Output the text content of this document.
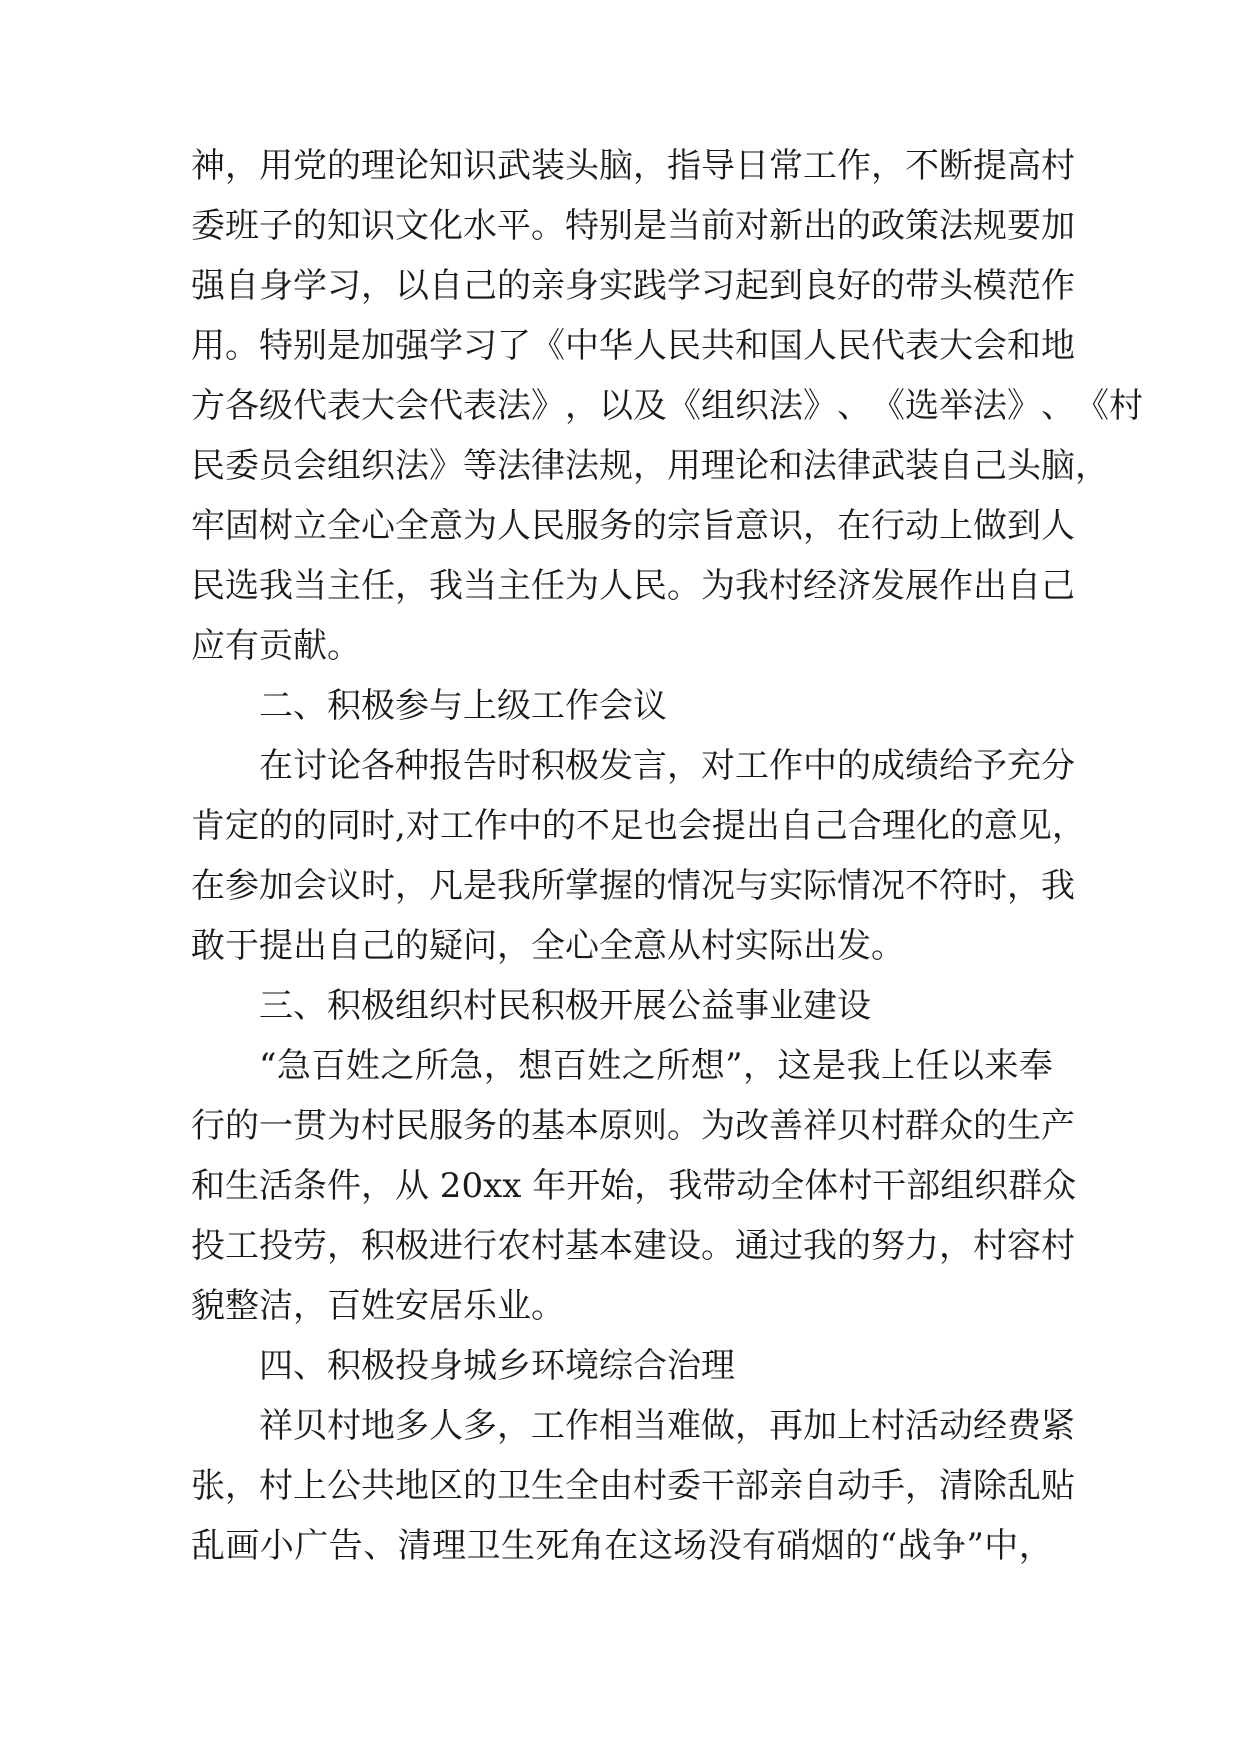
神 ， 用 党 的 理 论 知 识 武 装 头 脑 ， 指 导 日 常 工 作 ， 不 断 提 高 村
委 班 子 的 知 识 文 化 水 平 。 特 别 是 当 前 对 新 出 的 政 策 法 规 要 加
强 自 身 学 习 ， 以 自 己 的 亲 身 实 践 学 习 起 到 良 好 的 带 头 模 范 作
用 。 特 别 是 加 强 学 习 了 《 中 华 人 民 共 和 国 人 民 代 表 大 会 和 地
方 各 级 代 表 大 会 代 表 法 》 ， 以 及 《 组 织 法 》 、 《 选 举 法 》 、 《 村
民 委 员 会 组 织 法 》 等 法 律 法 规 ， 用 理 论 和 法 律 武 装 自 己 头 脑 ，
牢 固 树 立 全 心 全 意 为 人 民 服 务 的 宗 旨 意 识 ， 在 行 动 上 做 到 人
民 选 我 当 主 任 ， 我 当 主 任 为 人 民 。 为 我 村 经 济 发 展 作 出 自 己
应有贡献。
二、积极参与上级工作会议
在 讨 论 各 种 报 告 时 积 极 发 言 ， 对 工 作 中 的 成 绩 给 予 充 分
肯 定 的 的 同 时 , 对 工 作 中 的 不 足 也 会 提 出 自 己 合 理 化 的 意 见 ，
在 参 加 会 议 时 ， 凡 是 我 所 掌 握 的 情 况 与 实 际 情 况 不 符 时 ， 我
敢于提出自己的疑问，全心全意从村实际出发。
三、积极组织村民积极开展公益事业建设
“ 急 百 姓 之 所 急 ， 想 百 姓 之 所 想 ” ， 这 是 我 上 任 以 来 奉
行 的 一 贯 为 村 民 服 务 的 基 本 原 则 。 为 改 善 祥 贝 村 群 众 的 生 产
和 生 活 条 件 ， 从 20xx 年 开 始 ， 我 带 动 全 体 村 干 部 组 织 群 众
投 工 投 劳 ， 积 极 进 行 农 村 基 本 建 设 。 通 过 我 的 努 力 ， 村 容 村
貌整洁，百姓安居乐业。
四、积极投身城乡环境综合治理
祥 贝 村 地 多 人 多 ， 工 作 相 当 难 做 ， 再 加 上 村 活 动 经 费 紧
张 ， 村 上 公 共 地 区 的 卫 生 全 由 村 委 干 部 亲 自 动 手 ， 清 除 乱 贴
乱 画 小 广 告 、 清 理 卫 生 死 角 在 这 场 没 有 硝 烟 的 “ 战 争 ” 中 ，
